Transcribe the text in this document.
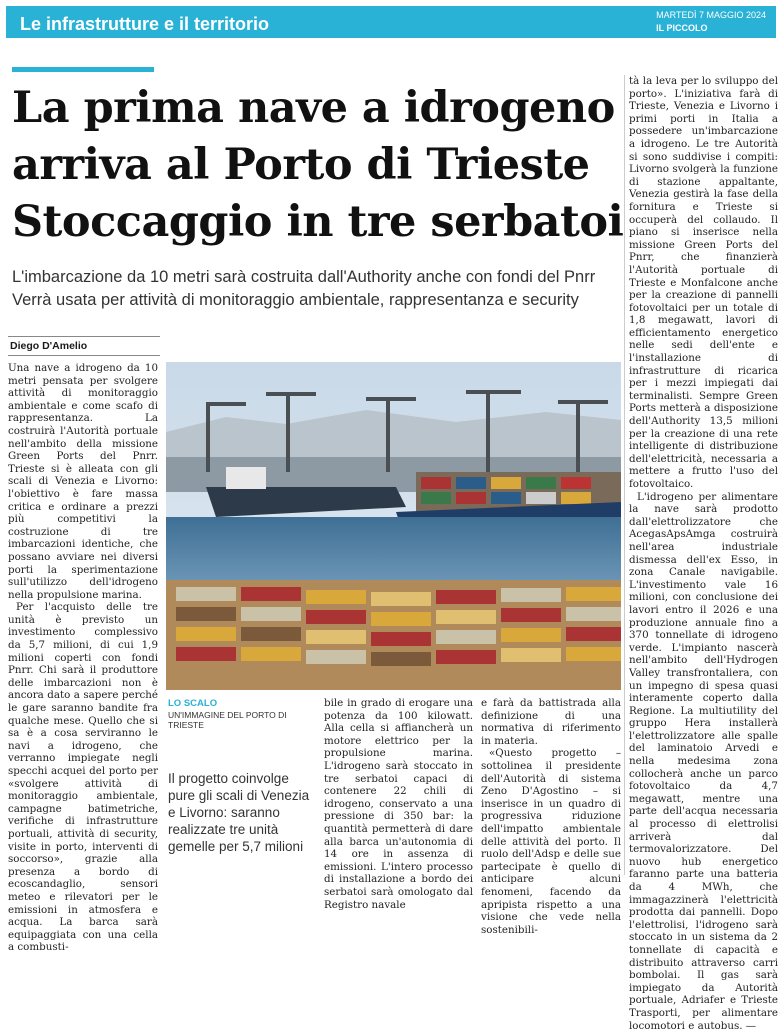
Le infrastrutture e il territorio	MARTEDÌ 7 MAGGIO 2024
IL PICCOLO
La prima nave a idrogeno
arriva al Porto di Trieste
Stoccaggio in tre serbatoi
L'imbarcazione da 10 metri sarà costruita dall'Authority anche con fondi del Pnrr
Verrà usata per attività di monitoraggio ambientale, rappresentanza e security
Diego D'Amelio

Una nave a idrogeno da 10 metri pensata per svolgere attività di monitoraggio ambientale e come scafo di rappresentanza. La costruirà l'Autorità portuale nell'ambito della missione Green Ports del Pnrr. Trieste si è alleata con gli scali di Venezia e Livorno: l'obiettivo è fare massa critica e ordinare a prezzi più competitivi la costruzione di tre imbarcazioni identiche, che possano avviare nei diversi porti la sperimentazione sull'utilizzo dell'idrogeno nella propulsione marina.

Per l'acquisto delle tre unità è previsto un investimento complessivo da 5,7 milioni, di cui 1,9 milioni coperti con fondi Pnrr. Chi sarà il produttore delle imbarcazioni non è ancora dato a sapere perché le gare saranno bandite fra qualche mese. Quello che si sa è a cosa serviranno le navi a idrogeno, che verranno impiegate negli specchi acquei del porto per «svolgere attività di monitoraggio ambientale, campagne batimetriche, verifiche di infrastrutture portuali, attività di security, visite in porto, interventi di soccorso», grazie alla presenza a bordo di ecoscandaglio, sensori meteo e rilevatori per le emissioni in atmosfera e acqua. La barca sarà equipaggiata con una cella a combusti-

LO SCALO
UN'IMMAGINE DEL PORTO DI TRIESTE
Il progetto coinvolge pure gli scali di Venezia e Livorno: saranno realizzate tre unità gemelle per 5,7 milioni

bile in grado di erogare una potenza da 100 kilowatt. Alla cella si affiancherà un motore elettrico per la propulsione marina. L'idrogeno sarà stoccato in tre serbatoi capaci di contenere 22 chili di idrogeno, conservato a una pressione di 350 bar: la quantità permetterà di dare alla barca un'autonomia di 14 ore in assenza di emissioni. L'intero processo di installazione a bordo dei serbatoi sarà omologato dal Registro navale

e farà da battistrada alla definizione di una normativa di riferimento in materia.

«Questo progetto – sottolinea il presidente dell'Autorità di sistema Zeno D'Agostino – si inserisce in un quadro di progressiva riduzione dell'impatto ambientale delle attività del porto. Il ruolo dell'Adsp e delle sue partecipate è quello di anticipare alcuni fenomeni, facendo da apripista rispetto a una visione che vede nella sostenibili-

tà la leva per lo sviluppo del porto». L'iniziativa farà di Trieste, Venezia e Livorno i primi porti in Italia a possedere un'imbarcazione a idrogeno. Le tre Autorità si sono suddivise i compiti: Livorno svolgerà la funzione di stazione appaltante, Venezia gestirà la fase della fornitura e Trieste si occuperà del collaudo. Il piano si inserisce nella missione Green Ports del Pnrr, che finanzierà l'Autorità portuale di Trieste e Monfalcone anche per la creazione di pannelli fotovoltaici per un totale di 1,8 megawatt, lavori di efficientamento energetico nelle sedi dell'ente e l'installazione di infrastrutture di ricarica per i mezzi impiegati dai terminalisti. Sempre Green Ports metterà a disposizione dell'Authority 13,5 milioni per la creazione di una rete intelligente di distribuzione dell'elettricità, necessaria a mettere a frutto l'uso del fotovoltaico.

L'idrogeno per alimentare la nave sarà prodotto dall'elettrolizzatore che AcegasApsAmga costruirà nell'area industriale dismessa dell'ex Esso, in zona Canale navigabile. L'investimento vale 16 milioni, con conclusione dei lavori entro il 2026 e una produzione annuale fino a 370 tonnellate di idrogeno verde. L'impianto nascerà nell'ambito dell'Hydrogen Valley transfrontaliera, con un impegno di spesa quasi interamente coperto dalla Regione. La multiutility del gruppo Hera installerà l'elettrolizzatore alle spalle del laminatoio Arvedi e nella medesima zona collocherà anche un parco fotovoltaico da 4,7 megawatt, mentre una parte dell'acqua necessaria al processo di elettrolisi arriverà dal termovalorizzatore. Del nuovo hub energetico faranno parte una batteria da 4 MWh, che immagazzinerà l'elettricità prodotta dai pannelli. Dopo l'elettrolisi, l'idrogeno sarà stoccato in un sistema da 2 tonnellate di capacità e distribuito attraverso carri bombolai. Il gas sarà impiegato da Autorità portuale, Adriafer e Trieste Trasporti, per alimentare locomotori e autobus. —
